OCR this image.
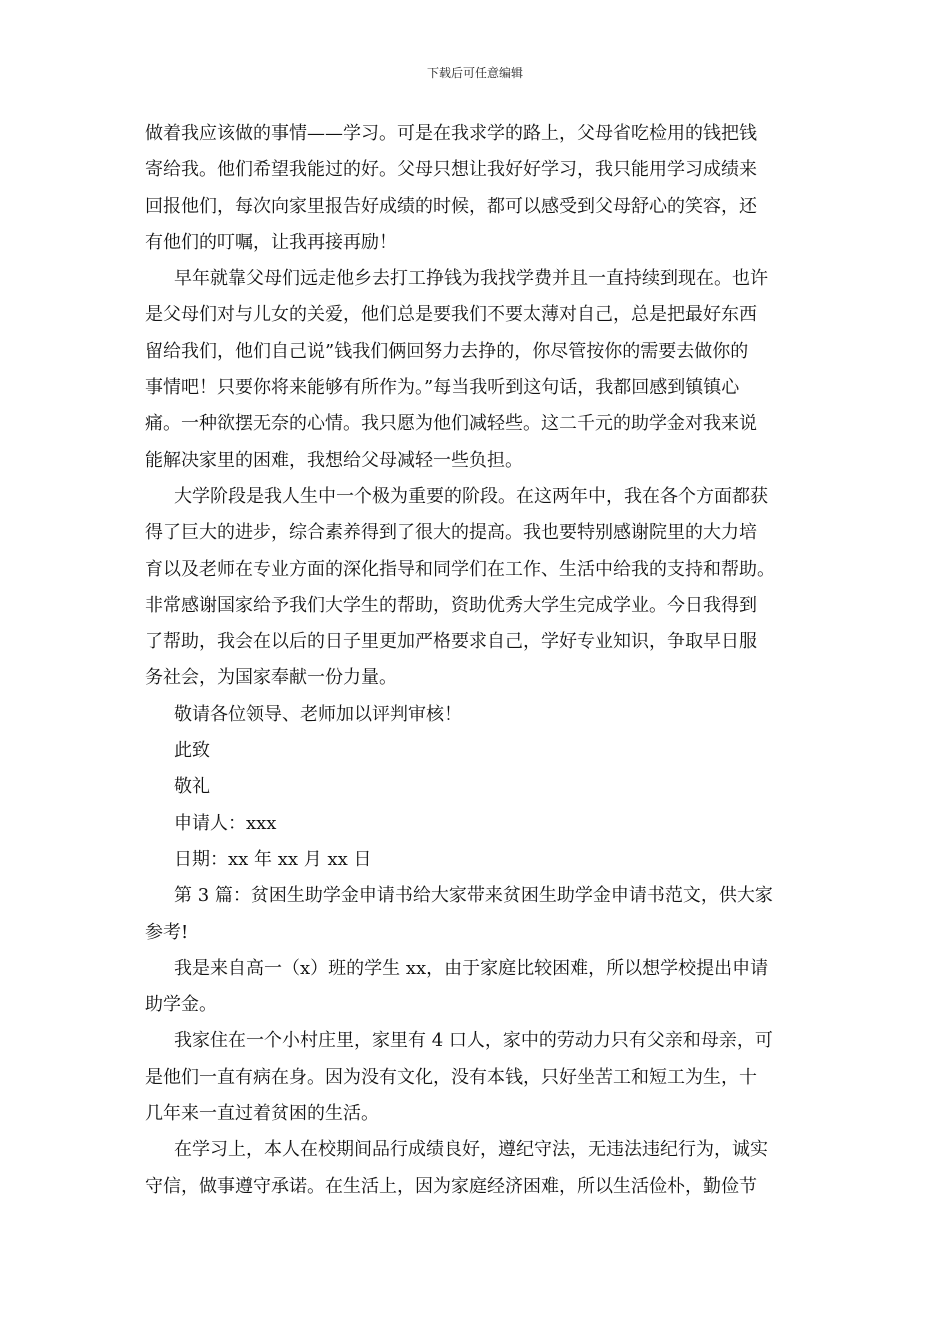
下载后可任意编辑
做着我应该做的事情——学习。可是在我求学的路上，父母省吃检用的钱把钱
寄给我。他们希望我能过的好。父母只想让我好好学习，我只能用学习成绩来
回报他们，每次向家里报告好成绩的时候，都可以感受到父母舒心的笑容，还
有他们的叮嘱，让我再接再励！
早年就靠父母们远走他乡去打工挣钱为我找学费并且一直持续到现在。也许
是父母们对与儿女的关爱，他们总是要我们不要太薄对自己，总是把最好东西
留给我们，他们自己说”钱我们俩回努力去挣的，你尽管按你的需要去做你的
事情吧！只要你将来能够有所作为。”每当我听到这句话，我都回感到镇镇心
痛。一种欲摆无奈的心情。我只愿为他们减轻些。这二千元的助学金对我来说
能解决家里的困难，我想给父母减轻一些负担。
大学阶段是我人生中一个极为重要的阶段。在这两年中，我在各个方面都获
得了巨大的进步，综合素养得到了很大的提高。我也要特别感谢院里的大力培
育以及老师在专业方面的深化指导和同学们在工作、生活中给我的支持和帮助。
非常感谢国家给予我们大学生的帮助，资助优秀大学生完成学业。今日我得到
了帮助，我会在以后的日子里更加严格要求自己，学好专业知识，争取早日服
务社会，为国家奉献一份力量。
敬请各位领导、老师加以评判审核！
此致
敬礼
申请人：xxx
日期：xx 年 xx 月 xx 日
第 3 篇：贫困生助学金申请书给大家带来贫困生助学金申请书范文，供大家
参考!
我是来自高一（x）班的学生 xx，由于家庭比较困难，所以想学校提出申请
助学金。
我家住在一个小村庄里，家里有 4 口人，家中的劳动力只有父亲和母亲，可
是他们一直有病在身。因为没有文化，没有本钱，只好坐苦工和短工为生，十
几年来一直过着贫困的生活。
在学习上，本人在校期间品行成绩良好，遵纪守法，无违法违纪行为，诚实
守信，做事遵守承诺。在生活上，因为家庭经济困难，所以生活俭朴，勤俭节
